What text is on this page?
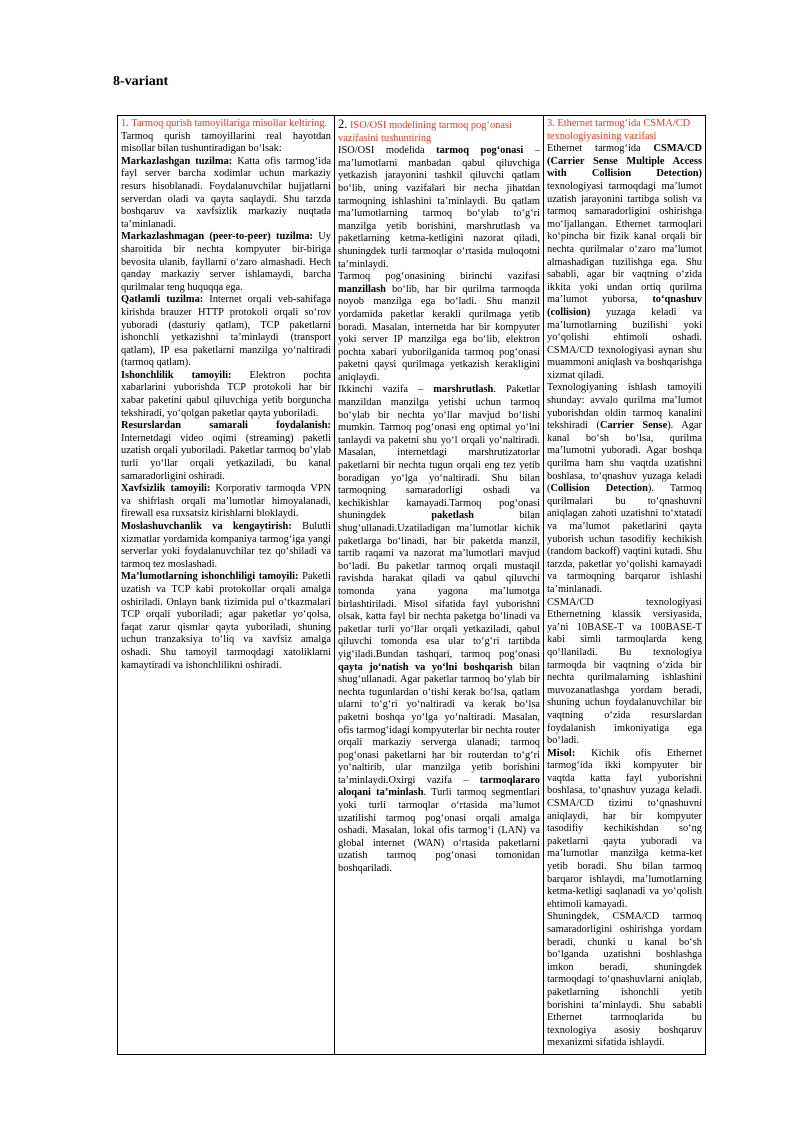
8-variant

1. Tarmoq qurish tamoyillariga misollar keltiring.

Tarmoq qurish tamoyillarini real hayotdan misollar bilan tushuntiradigan bo‘lsak:

Markazlashgan tuzilma: Katta ofis tarmog‘ida fayl server barcha xodimlar uchun markaziy resurs hisoblanadi. Foydalanuvchilar hujjatlarni serverdan oladi va qayta saqlaydi. Shu tarzda boshqaruv va xavfsizlik markaziy nuqtada ta’minlanadi.

Markazlashmagan (peer-to-peer) tuzilma: Uy sharoitida bir nechta kompyuter bir-biriga bevosita ulanib, fayllarni o‘zaro almashadi. Hech qanday markaziy server ishlamaydi, barcha qurilmalar teng huquqqa ega.

Qatlamli tuzilma: Internet orqali veb-sahifaga kirishda brauzer HTTP protokoli orqali so‘rov yuboradi (dasturiy qatlam), TCP paketlarni ishonchli yetkazishni ta’minlaydi (transport qatlam), IP esa paketlarni manzilga yo‘naltiradi (tarmoq qatlam).

Ishonchlilik tamoyili: Elektron pochta xabarlarini yuborishda TCP protokoli har bir xabar paketini qabul qiluvchiga yetib borguncha tekshiradi, yo‘qolgan paketlar qayta yuboriladi.

Resurslardan samarali foydalanish: Internetdagi video oqimi (streaming) paketli uzatish orqali yuboriladi. Paketlar tarmoq bo‘ylab turli yo‘llar orqali yetkaziladi, bu kanal samaradorligini oshiradi.

Xavfsizlik tamoyili: Korporativ tarmoqda VPN va shifrlash orqali ma’lumotlar himoyalanadi, firewall esa ruxsatsiz kirishlarni bloklaydi.

Moslashuvchanlik va kengaytirish: Bulutli xizmatlar yordamida kompaniya tarmog‘iga yangi serverlar yoki foydalanuvchilar tez qo‘shiladi va tarmoq tez moslashadi.

Ma’lumotlarning ishonchliligi tamoyili: Paketli uzatish va TCP kabi protokollar orqali amalga oshiriladi. Onlayn bank tizimida pul o‘tkazmalari TCP orqali yuboriladi; agar paketlar yo‘qolsa, faqat zarur qismlar qayta yuboriladi, shuning uchun tranzaksiya to‘liq va xavfsiz amalga oshadi. Shu tamoyil tarmoqdagi xatoliklarni kamaytiradi va ishonchlilikni oshiradi.

2. ISO/OSI modelining tarmoq pog‘onasi vazifasini tushuntiring

ISO/OSI modelida tarmoq pog‘onasi – ma’lumotlarni manbadan qabul qiluvchiga yetkazish jarayonini tashkil qiluvchi qatlam bo‘lib, uning vazifalari bir necha jihatdan tarmoqning ishlashini ta’minlaydi. Bu qatlam ma’lumotlarning tarmoq bo‘ylab to‘g‘ri manzilga yetib borishini, marshrutlash va paketlarning ketma-ketligini nazorat qiladi, shuningdek turli tarmoqlar o‘rtasida muloqotni ta’minlaydi.

Tarmoq pog‘onasining birinchi vazifasi manzillash bo‘lib, har bir qurilma tarmoqda noyob manzilga ega bo‘ladi. Shu manzil yordamida paketlar kerakli qurilmaga yetib boradi. Masalan, internetda har bir kompyuter yoki server IP manzilga ega bo‘lib, elektron pochta xabari yuborilganida tarmoq pog‘onasi paketni qaysi qurilmaga yetkazish kerakligini aniqlaydi.

Ikkinchi vazifa – marshrutlash. Paketlar manzildan manzilga yetishi uchun tarmoq bo‘ylab bir nechta yo‘llar mavjud bo‘lishi mumkin. Tarmoq pog‘onasi eng optimal yo‘lni tanlaydi va paketni shu yo‘l orqali yo‘naltiradi. Masalan, internetdagi marshrutizatorlar paketlarni bir nechta tugun orqali eng tez yetib boradigan yo‘lga yo‘naltiradi. Shu bilan tarmoqning samaradorligi oshadi va kechikishlar kamayadi.Tarmoq pog‘onasi shuningdek paketlash bilan shug‘ullanadi.Uzatiladigan ma’lumotlar kichik paketlarga bo‘linadi, har bir paketda manzil, tartib raqami va nazorat ma’lumotlari mavjud bo‘ladi. Bu paketlar tarmoq orqali mustaqil ravishda harakat qiladi va qabul qiluvchi tomonda yana yagona ma’lumotga birlashtiriladi. Misol sifatida fayl yuborishni olsak, katta fayl bir nechta paketga bo‘linadi va paketlar turli yo‘llar orqali yetkaziladi, qabul qiluvchi tomonda esa ular to‘g‘ri tartibda yig‘iladi.Bundan tashqari, tarmoq pog‘onasi qayta jo‘natish va yo‘lni boshqarish bilan shug‘ullanadi. Agar paketlar tarmoq bo‘ylab bir nechta tugunlardan o‘tishi kerak bo‘lsa, qatlam ularni to‘g‘ri yo‘naltiradi va kerak bo‘lsa paketni boshqa yo‘lga yo‘naltiradi. Masalan, ofis tarmog‘idagi kompyuterlar bir nechta router orqali markaziy serverga ulanadi; tarmoq pog‘onasi paketlarni har bir routerdan to‘g‘ri yo‘naltirib, ular manzilga yetib borishini ta’minlaydi.Oxirgi vazifa – tarmoqlararo aloqani ta’minlash. Turli tarmoq segmentlari yoki turli tarmoqlar o‘rtasida ma’lumot uzatilishi tarmoq pog‘onasi orqali amalga oshadi. Masalan, lokal ofis tarmog‘i (LAN) va global internet (WAN) o‘rtasida paketlarni uzatish tarmoq pog‘onasi tomonidan boshqariladi.

3. Ethernet tarmog‘ida CSMA/CD texnologiyasining vazifasi

Ethernet tarmog‘ida CSMA/CD (Carrier Sense Multiple Access with Collision Detection) texnologiyasi tarmoqdagi ma’lumot uzatish jarayonini tartibga solish va tarmoq samaradorligini oshirishga mo‘ljallangan. Ethernet tarmoqlari ko‘pincha bir fizik kanal orqali bir nechta qurilmalar o‘zaro ma’lumot almashadigan tuzilishga ega. Shu sababli, agar bir vaqtning o‘zida ikkita yoki undan ortiq qurilma ma’lumot yuborsa, to‘qnashuv (collision) yuzaga keladi va ma’lumotlarning buzilishi yoki yo‘qolishi ehtimoli oshadi. CSMA/CD texnologiyasi aynan shu muammoni aniqlash va boshqarishga xizmat qiladi.

Texnologiyaning ishlash tamoyili shunday: avvalo qurilma ma’lumot yuborishdan oldin tarmoq kanalini tekshiradi (Carrier Sense). Agar kanal bo‘sh bo‘lsa, qurilma ma’lumotni yuboradi. Agar boshqa qurilma ham shu vaqtda uzatishni boshlasa, to‘qnashuv yuzaga keladi (Collision Detection). Tarmoq qurilmalari bu to‘qnashuvni aniqlagan zahoti uzatishni to‘xtatadi va ma’lumot paketlarini qayta yuborish uchun tasodifiy kechikish (random backoff) vaqtini kutadi. Shu tarzda, paketlar yo‘qolishi kamayadi va tarmoqning barqaror ishlashi ta’minlanadi.

CSMA/CD texnologiyasi Ethernetning klassik versiyasida, ya’ni 10BASE-T va 100BASE-T kabi simli tarmoqlarda keng qo‘llaniladi. Bu texnologiya tarmoqda bir vaqtning o‘zida bir nechta qurilmalarning ishlashini muvozanatlashga yordam beradi, shuning uchun foydalanuvchilar bir vaqtning o‘zida resurslardan foydalanish imkoniyatiga ega bo‘ladi.

Misol: Kichik ofis Ethernet tarmog‘ida ikki kompyuter bir vaqtda katta fayl yuborishni boshlasa, to‘qnashuv yuzaga keladi. CSMA/CD tizimi to‘qnashuvni aniqlaydi, har bir kompyuter tasodifiy kechikishdan so‘ng paketlarni qayta yuboradi va ma’lumotlar manzilga ketma-ket yetib boradi. Shu bilan tarmoq barqaror ishlaydi, ma’lumotlarning ketma-ketligi saqlanadi va yo‘qolish ehtimoli kamayadi.

Shuningdek, CSMA/CD tarmoq samaradorligini oshirishga yordam beradi, chunki u kanal bo‘sh bo‘lganda uzatishni boshlashga imkon beradi, shuningdek tarmoqdagi to‘qnashuvlarni aniqlab, paketlarning ishonchli yetib borishini ta’minlaydi. Shu sababli Ethernet tarmoqlarida bu texnologiya asosiy boshqaruv mexanizmi sifatida ishlaydi.
